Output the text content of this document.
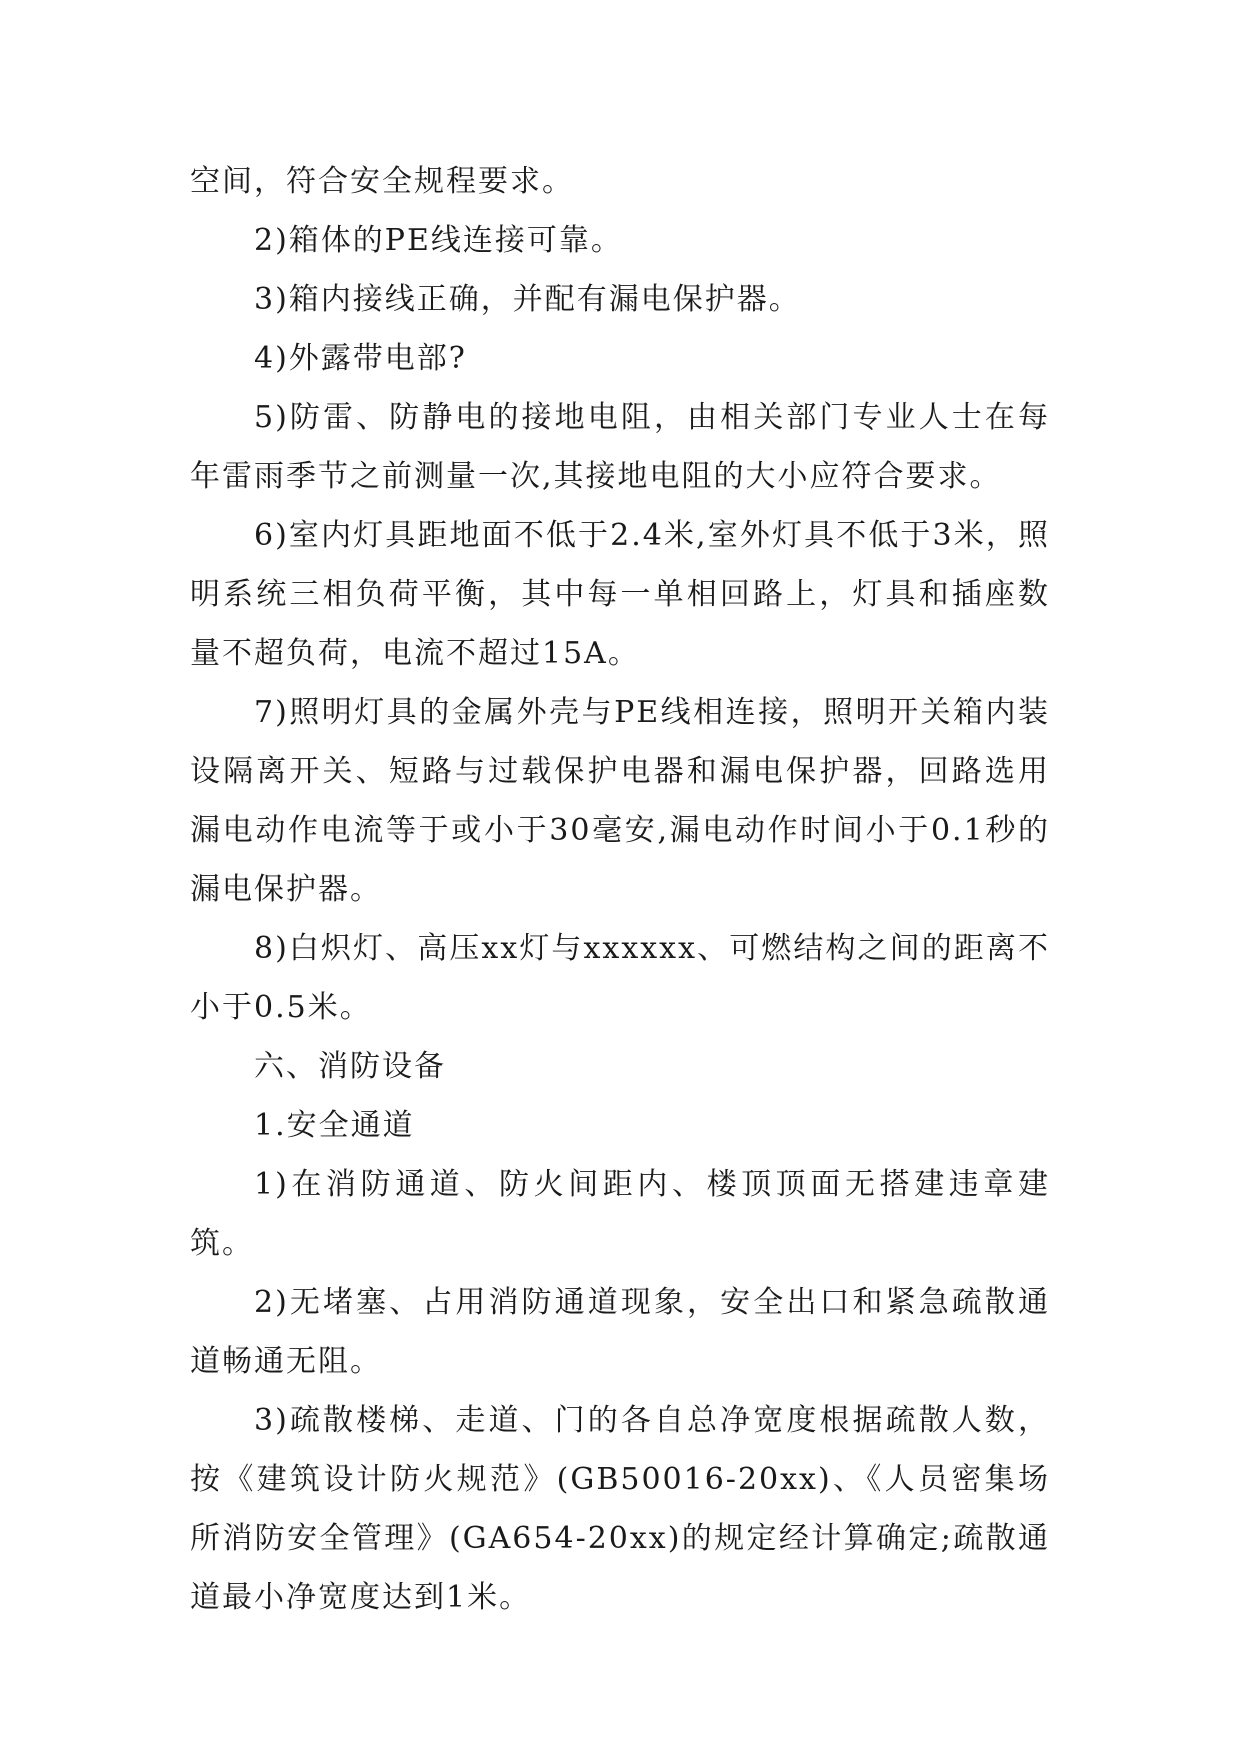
空间，符合安全规程要求。

2)箱体的PE线连接可靠。

3)箱内接线正确，并配有漏电保护器。

4)外露带电部?

5)防雷、防静电的接地电阻，由相关部门专业人士在每年雷雨季节之前测量一次,其接地电阻的大小应符合要求。

6)室内灯具距地面不低于2.4米,室外灯具不低于3米，照明系统三相负荷平衡，其中每一单相回路上，灯具和插座数量不超负荷，电流不超过15A。

7)照明灯具的金属外壳与PE线相连接，照明开关箱内装设隔离开关、短路与过载保护电器和漏电保护器，回路选用漏电动作电流等于或小于30毫安,漏电动作时间小于0.1秒的漏电保护器。

8)白炽灯、高压xx灯与xxxxxx、可燃结构之间的距离不小于0.5米。

六、消防设备

1.安全通道

1)在消防通道、防火间距内、楼顶顶面无搭建违章建筑。

2)无堵塞、占用消防通道现象，安全出口和紧急疏散通道畅通无阻。

3)疏散楼梯、走道、门的各自总净宽度根据疏散人数，按《建筑设计防火规范》(GB50016-20xx)、《人员密集场所消防安全管理》(GA654-20xx)的规定经计算确定;疏散通道最小净宽度达到1米。
